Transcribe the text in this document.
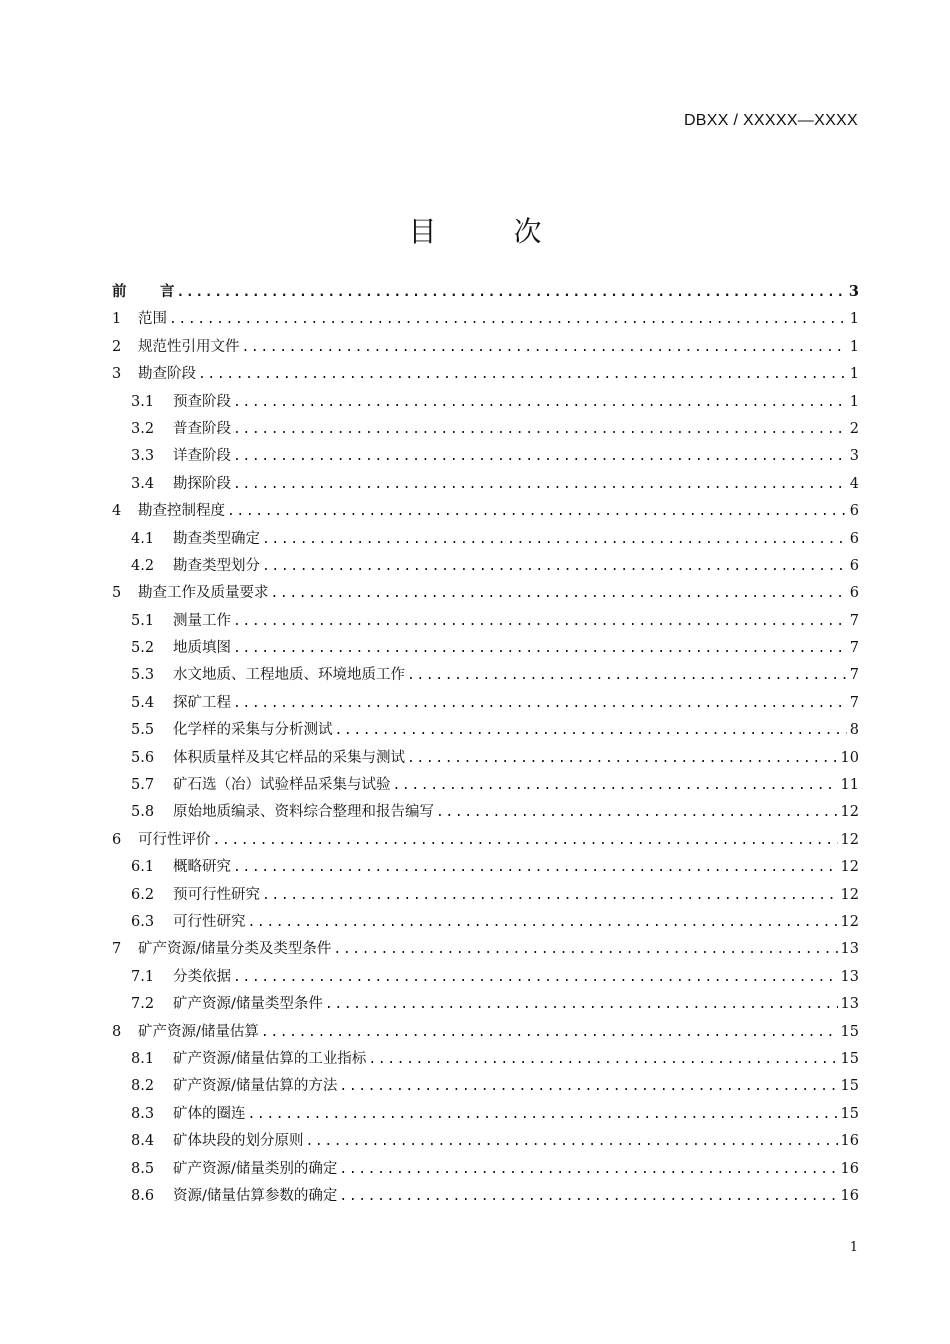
DBXX / XXXXX—XXXX
目 次
前	言 .....	3
1	范围 .....	1
2	规范性引用文件 .....	1
3	勘查阶段 .....	1
3.1	预查阶段 .....	1
3.2	普查阶段 .....	2
3.3	详查阶段 .....	3
3.4	勘探阶段 .....	4
4	勘查控制程度 .....	6
4.1	勘查类型确定 .....	6
4.2	勘查类型划分 .....	6
5	勘查工作及质量要求 .....	6
5.1	测量工作 .....	7
5.2	地质填图 .....	7
5.3	水文地质、工程地质、环境地质工作 .....	7
5.4	探矿工程 .....	7
5.5	化学样的采集与分析测试 .....	8
5.6	体积质量样及其它样品的采集与测试 .....	10
5.7	矿石选（冶）试验样品采集与试验 .....	11
5.8	原始地质编录、资料综合整理和报告编写 .....	12
6	可行性评价 .....	12
6.1	概略研究 .....	12
6.2	预可行性研究 .....	12
6.3	可行性研究 .....	12
7	矿产资源/储量分类及类型条件 .....	13
7.1	分类依据 .....	13
7.2	矿产资源/储量类型条件 .....	13
8	矿产资源/储量估算 .....	15
8.1	矿产资源/储量估算的工业指标 .....	15
8.2	矿产资源/储量估算的方法 .....	15
8.3	矿体的圈连 .....	15
8.4	矿体块段的划分原则 .....	16
8.5	矿产资源/储量类别的确定 .....	16
8.6	资源/储量估算参数的确定 .....	16
1
